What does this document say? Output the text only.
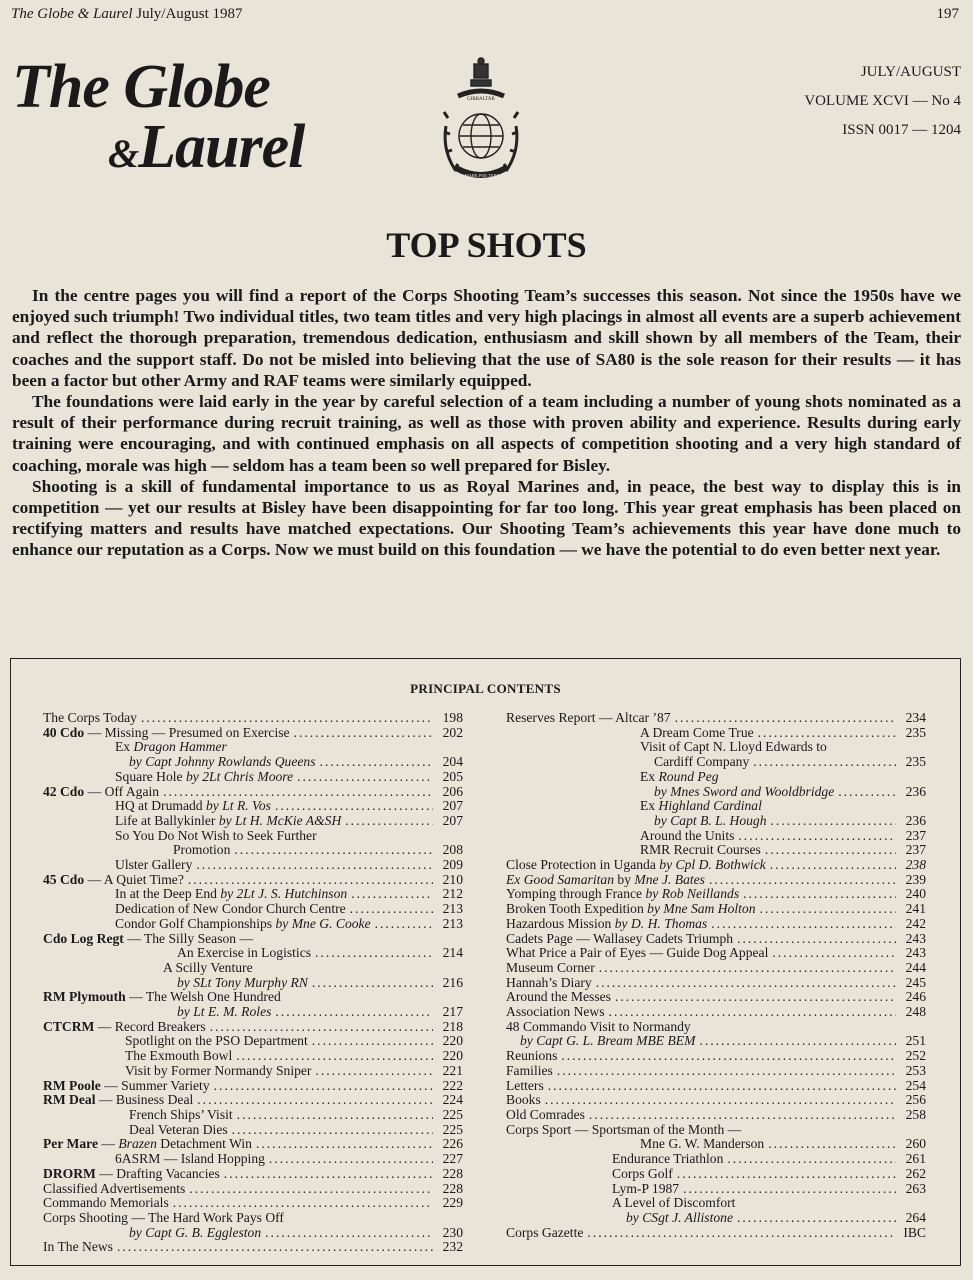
The Globe & Laurel July/August 1987	197
The Globe
&Laurel
GIBRALTAR
PER MARE PER TERRAM
JULY/AUGUST
VOLUME XCVI — No 4
ISSN 0017 — 1204
TOP SHOTS

In the centre pages you will find a report of the Corps Shooting Team’s successes this season. Not since the 1950s have we enjoyed such triumph! Two individual titles, two team titles and very high placings in almost all events are a superb achievement and reflect the thorough preparation, tremendous dedication, enthusiasm and skill shown by all members of the Team, their coaches and the support staff. Do not be misled into believing that the use of SA80 is the sole reason for their results — it has been a factor but other Army and RAF teams were similarly equipped.

The foundations were laid early in the year by careful selection of a team including a number of young shots nominated as a result of their performance during recruit training, as well as those with proven ability and experience. Results during early training were encouraging, and with continued emphasis on all aspects of competition shooting and a very high standard of coaching, morale was high — seldom has a team been so well prepared for Bisley.

Shooting is a skill of fundamental importance to us as Royal Marines and, in peace, the best way to display this is in competition — yet our results at Bisley have been disappointing for far too long. This year great emphasis has been placed on rectifying matters and results have matched expectations. Our Shooting Team’s achievements this year have done much to enhance our reputation as a Corps. Now we must build on this foundation — we have the potential to do even better next year.

PRINCIPAL CONTENTS
The Corps Today .....	198
40 Cdo — Missing — Presumed on Exercise .....	202
Ex Dragon Hammer
by Capt Johnny Rowlands Queens .....	204
Square Hole by 2Lt Chris Moore .....	205
42 Cdo — Off Again .....	206
HQ at Drumadd by Lt R. Vos .....	207
Life at Ballykinler by Lt H. McKie A&SH .....	207
So You Do Not Wish to Seek Further
Promotion .....	208
Ulster Gallery .....	209
45 Cdo — A Quiet Time? .....	210
In at the Deep End by 2Lt J. S. Hutchinson .....	212
Dedication of New Condor Church Centre .....	213
Condor Golf Championships by Mne G. Cooke .....	213
Cdo Log Regt — The Silly Season —
An Exercise in Logistics .....	214
A Scilly Venture
by SLt Tony Murphy RN .....	216
RM Plymouth — The Welsh One Hundred
by Lt E. M. Roles .....	217
CTCRM — Record Breakers .....	218
Spotlight on the PSO Department .....	220
The Exmouth Bowl .....	220
Visit by Former Normandy Sniper .....	221
RM Poole — Summer Variety .....	222
RM Deal — Business Deal .....	224
French Ships’ Visit .....	225
Deal Veteran Dies .....	225
Per Mare — Brazen Detachment Win .....	226
6ASRM — Island Hopping .....	227
DRORM — Drafting Vacancies .....	228
Classified Advertisements .....	228
Commando Memorials .....	229
Corps Shooting — The Hard Work Pays Off
by Capt G. B. Eggleston .....	230
In The News .....	232
Reserves Report — Altcar ’87 .....	234
A Dream Come True .....	235
Visit of Capt N. Lloyd Edwards to
Cardiff Company .....	235
Ex Round Peg
by Mnes Sword and Wooldbridge .....	236
Ex Highland Cardinal
by Capt B. L. Hough .....	236
Around the Units .....	237
RMR Recruit Courses .....	237
Close Protection in Uganda by Cpl D. Bothwick .....	238
Ex Good Samaritan by Mne J. Bates .....	239
Yomping through France by Rob Neillands .....	240
Broken Tooth Expedition by Mne Sam Holton .....	241
Hazardous Mission by D. H. Thomas .....	242
Cadets Page — Wallasey Cadets Triumph .....	243
What Price a Pair of Eyes — Guide Dog Appeal .....	243
Museum Corner .....	244
Hannah’s Diary .....	245
Around the Messes .....	246
Association News .....	248
48 Commando Visit to Normandy
by Capt G. L. Bream MBE BEM .....	251
Reunions .....	252
Families .....	253
Letters .....	254
Books .....	256
Old Comrades .....	258
Corps Sport — Sportsman of the Month —
Mne G. W. Manderson .....	260
Endurance Triathlon .....	261
Corps Golf .....	262
Lym-P 1987 .....	263
A Level of Discomfort
by CSgt J. Allistone .....	264
Corps Gazette .....	IBC
